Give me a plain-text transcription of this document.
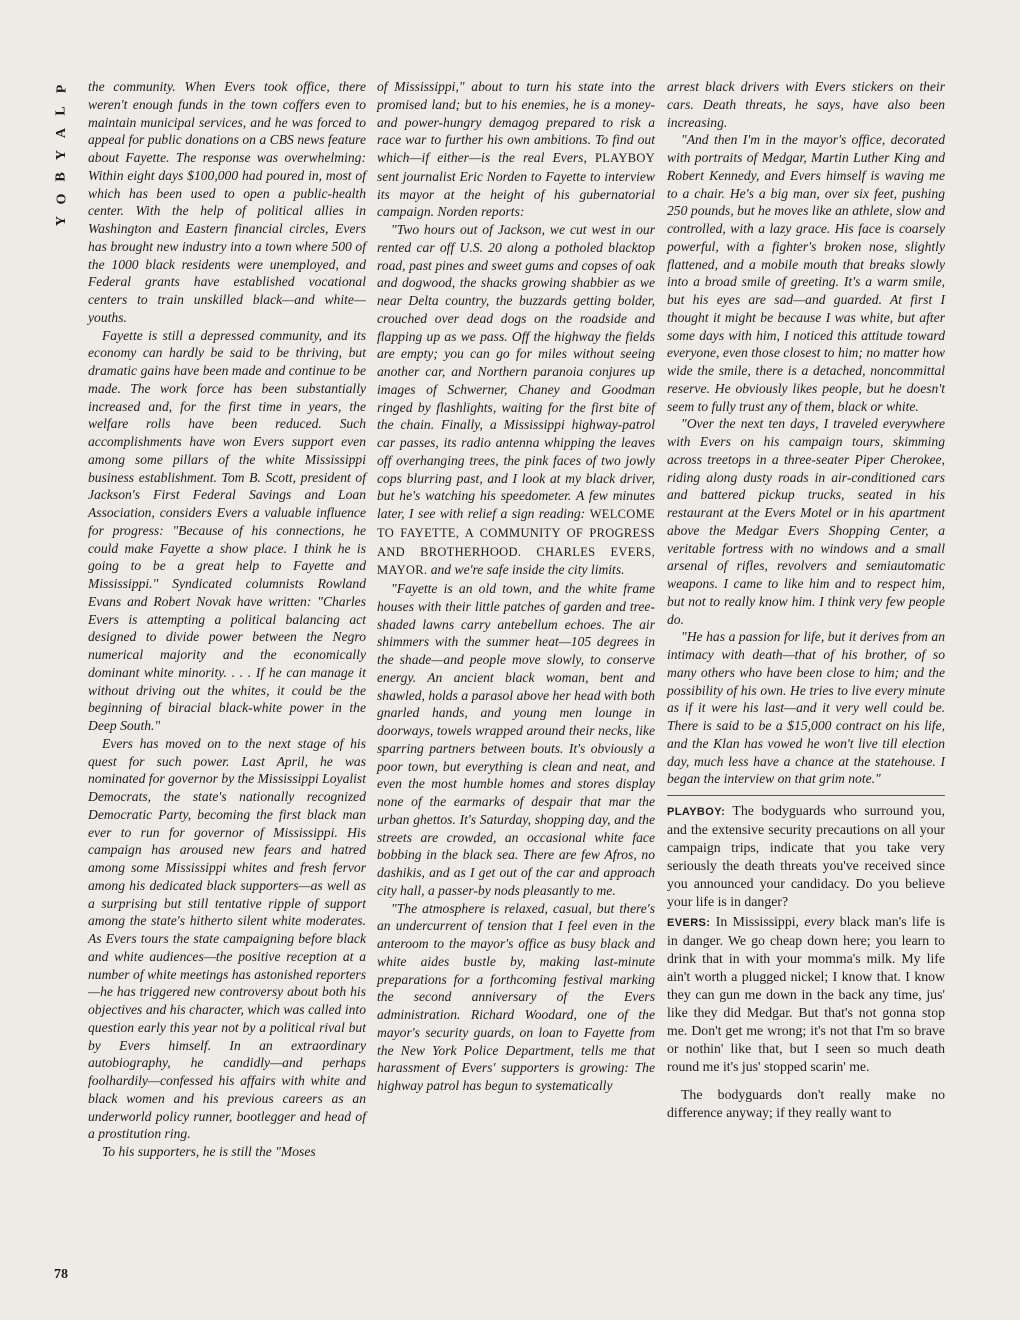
P
L
A
Y
B
O
Y

the community. When Evers took office, there weren't enough funds in the town coffers even to maintain municipal services, and he was forced to appeal for public donations on a CBS news feature about Fayette. The response was overwhelming: Within eight days $100,000 had poured in, most of which has been used to open a public-health center. With the help of political allies in Washington and Eastern financial circles, Evers has brought new industry into a town where 500 of the 1000 black residents were unemployed, and Federal grants have established vocational centers to train unskilled black—and white—youths.

Fayette is still a depressed community, and its economy can hardly be said to be thriving, but dramatic gains have been made and continue to be made. The work force has been substantially increased and, for the first time in years, the welfare rolls have been reduced. Such accomplishments have won Evers support even among some pillars of the white Mississippi business establishment. Tom B. Scott, president of Jackson's First Federal Savings and Loan Association, considers Evers a valuable influence for progress: "Because of his connections, he could make Fayette a show place. I think he is going to be a great help to Fayette and Mississippi." Syndicated columnists Rowland Evans and Robert Novak have written: "Charles Evers is attempting a political balancing act designed to divide power between the Negro numerical majority and the economically dominant white minority. . . . If he can manage it without driving out the whites, it could be the beginning of biracial black-white power in the Deep South."

Evers has moved on to the next stage of his quest for such power. Last April, he was nominated for governor by the Mississippi Loyalist Democrats, the state's nationally recognized Democratic Party, becoming the first black man ever to run for governor of Mississippi. His campaign has aroused new fears and hatred among some Mississippi whites and fresh fervor among his dedicated black supporters—as well as a surprising but still tentative ripple of support among the state's hitherto silent white moderates. As Evers tours the state campaigning before black and white audiences—the positive reception at a number of white meetings has astonished reporters—he has triggered new controversy about both his objectives and his character, which was called into question early this year not by a political rival but by Evers himself. In an extraordinary autobiography, he candidly—and perhaps foolhardily—confessed his affairs with white and black women and his previous careers as an underworld policy runner, bootlegger and head of a prostitution ring.

To his supporters, he is still the "Moses

of Mississippi," about to turn his state into the promised land; but to his enemies, he is a money- and power-hungry demagog prepared to risk a race war to further his own ambitions. To find out which—if either—is the real Evers, PLAYBOY sent journalist Eric Norden to Fayette to interview its mayor at the height of his gubernatorial campaign. Norden reports:

"Two hours out of Jackson, we cut west in our rented car off U.S. 20 along a potholed blacktop road, past pines and sweet gums and copses of oak and dogwood, the shacks growing shabbier as we near Delta country, the buzzards getting bolder, crouched over dead dogs on the roadside and flapping up as we pass. Off the highway the fields are empty; you can go for miles without seeing another car, and Northern paranoia conjures up images of Schwerner, Chaney and Goodman ringed by flashlights, waiting for the first bite of the chain. Finally, a Mississippi highway-patrol car passes, its radio antenna whipping the leaves off overhanging trees, the pink faces of two jowly cops blurring past, and I look at my black driver, but he's watching his speedometer. A few minutes later, I see with relief a sign reading: WELCOME TO FAYETTE, A COMMUNITY OF PROGRESS AND BROTHERHOOD. CHARLES EVERS, MAYOR. and we're safe inside the city limits.

"Fayette is an old town, and the white frame houses with their little patches of garden and tree-shaded lawns carry antebellum echoes. The air shimmers with the summer heat—105 degrees in the shade—and people move slowly, to conserve energy. An ancient black woman, bent and shawled, holds a parasol above her head with both gnarled hands, and young men lounge in doorways, towels wrapped around their necks, like sparring partners between bouts. It's obviously a poor town, but everything is clean and neat, and even the most humble homes and stores display none of the earmarks of despair that mar the urban ghettos. It's Saturday, shopping day, and the streets are crowded, an occasional white face bobbing in the black sea. There are few Afros, no dashikis, and as I get out of the car and approach city hall, a passer-by nods pleasantly to me.

"The atmosphere is relaxed, casual, but there's an undercurrent of tension that I feel even in the anteroom to the mayor's office as busy black and white aides bustle by, making last-minute preparations for a forthcoming festival marking the second anniversary of the Evers administration. Richard Woodard, one of the mayor's security guards, on loan to Fayette from the New York Police Department, tells me that harassment of Evers' supporters is growing: The highway patrol has begun to systematically

arrest black drivers with Evers stickers on their cars. Death threats, he says, have also been increasing.

"And then I'm in the mayor's office, decorated with portraits of Medgar, Martin Luther King and Robert Kennedy, and Evers himself is waving me to a chair. He's a big man, over six feet, pushing 250 pounds, but he moves like an athlete, slow and controlled, with a lazy grace. His face is coarsely powerful, with a fighter's broken nose, slightly flattened, and a mobile mouth that breaks slowly into a broad smile of greeting. It's a warm smile, but his eyes are sad—and guarded. At first I thought it might be because I was white, but after some days with him, I noticed this attitude toward everyone, even those closest to him; no matter how wide the smile, there is a detached, noncommittal reserve. He obviously likes people, but he doesn't seem to fully trust any of them, black or white.

"Over the next ten days, I traveled everywhere with Evers on his campaign tours, skimming across treetops in a three-seater Piper Cherokee, riding along dusty roads in air-conditioned cars and battered pickup trucks, seated in his restaurant at the Evers Motel or in his apartment above the Medgar Evers Shopping Center, a veritable fortress with no windows and a small arsenal of rifles, revolvers and semiautomatic weapons. I came to like him and to respect him, but not to really know him. I think very few people do.

"He has a passion for life, but it derives from an intimacy with death—that of his brother, of so many others who have been close to him; and the possibility of his own. He tries to live every minute as if it were his last—and it very well could be. There is said to be a $15,000 contract on his life, and the Klan has vowed he won't live till election day, much less have a chance at the statehouse. I began the interview on that grim note."

PLAYBOY: The bodyguards who surround you, and the extensive security precautions on all your campaign trips, indicate that you take very seriously the death threats you've received since you announced your candidacy. Do you believe your life is in danger?

EVERS: In Mississippi, every black man's life is in danger. We go cheap down here; you learn to drink that in with your momma's milk. My life ain't worth a plugged nickel; I know that. I know they can gun me down in the back any time, jus' like they did Medgar. But that's not gonna stop me. Don't get me wrong; it's not that I'm so brave or nothin' like that, but I seen so much death round me it's jus' stopped scarin' me.

The bodyguards don't really make no difference anyway; if they really want to

78
